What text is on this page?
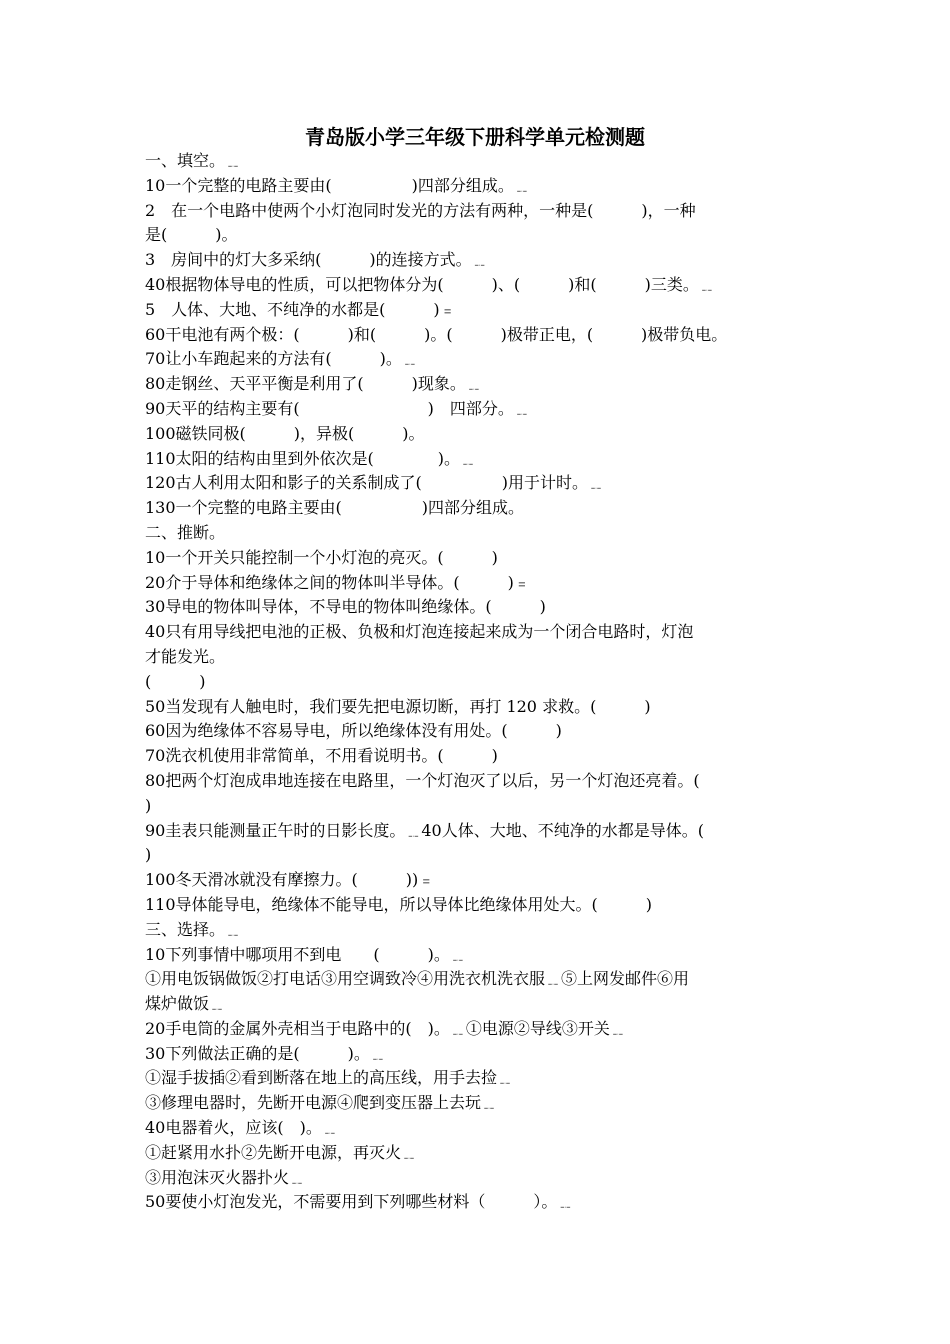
青岛版小学三年级下册科学单元检测题
一、填空。﹎
10一个完整的电路主要由(　　　　　)四部分组成。﹎
2　在一个电路中使两个小灯泡同时发光的方法有两种，一种是(　　　)，一种
是(　　　)。
3　房间中的灯大多采纳(　　　)的连接方式。﹎
40根据物体导电的性质，可以把物体分为(　　　)、(　　　)和(　　　)三类。﹎
5　人体、大地、不纯净的水都是(　　　)﹦
60干电池有两个极：(　　　)和(　　　)。(　　　)极带正电，(　　　)极带负电。
70让小车跑起来的方法有(　　　)。﹎
80走钢丝、天平平衡是利用了(　　　)现象。﹎
90天平的结构主要有(　　　　　　　　)　四部分。﹎
100磁铁同极(　　　)，异极(　　　)。
110太阳的结构由里到外依次是(　　　　)。﹎
120古人利用太阳和影子的关系制成了(　　　　　)用于计时。﹎
130一个完整的电路主要由(　　　　　)四部分组成。
二、推断。
10一个开关只能控制一个小灯泡的亮灭。(　　　)
20介于导体和绝缘体之间的物体叫半导体。(　　　)﹦
30导电的物体叫导体，不导电的物体叫绝缘体。(　　　)
40只有用导线把电池的正极、负极和灯泡连接起来成为一个闭合电路时，灯泡
才能发光。
(　　　)
50当发现有人触电时，我们要先把电源切断，再打 120 求救。(　　　)
60因为绝缘体不容易导电，所以绝缘体没有用处。(　　　)
70洗衣机使用非常简单，不用看说明书。(　　　)
80把两个灯泡成串地连接在电路里，一个灯泡灭了以后，另一个灯泡还亮着。(
)
90圭表只能测量正午时的日影长度。﹎40人体、大地、不纯净的水都是导体。(
)
100冬天滑冰就没有摩擦力。(　　　))﹦
110导体能导电，绝缘体不能导电，所以导体比绝缘体用处大。(　　　)
三、选择。﹎
10下列事情中哪项用不到电　　(　　　)。﹎
①用电饭锅做饭②打电话③用空调致冷④用洗衣机洗衣服﹎⑤上网发邮件⑥用
煤炉做饭﹎
20手电筒的金属外壳相当于电路中的(　)。﹎①电源②导线③开关﹎
30下列做法正确的是(　　　)。﹎
①湿手拔插②看到断落在地上的高压线，用手去捡﹎
③修理电器时，先断开电源④爬到变压器上去玩﹎
40电器着火，应该(　)。﹎
①赶紧用水扑②先断开电源，再灭火﹎
③用泡沫灭火器扑火﹎
50要使小灯泡发光，不需要用到下列哪些材料（　　　）。﹎
